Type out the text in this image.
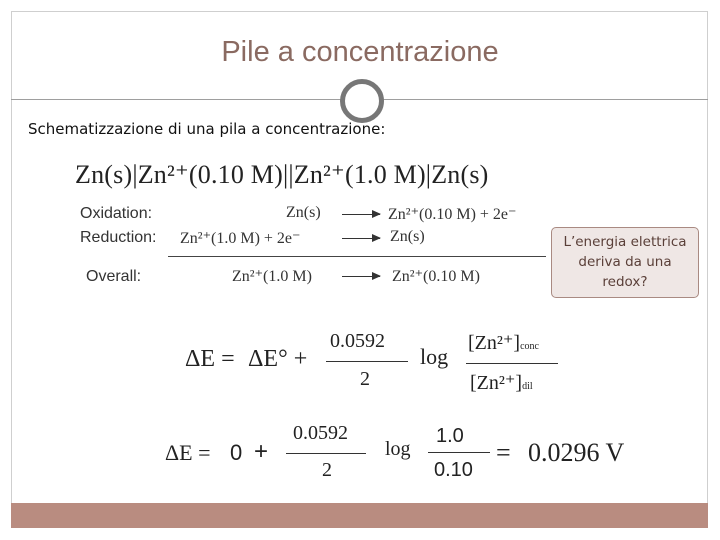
Pile a concentrazione
Schematizzazione di una pila a concentrazione:
Zn(s)|Zn²⁺(0.10 M)||Zn²⁺(1.0 M)|Zn(s)
Oxidation:	Zn(s)	Zn²⁺(0.10 M) + 2e⁻
Reduction: Zn²⁺(1.0 M) + 2e⁻	Zn(s)
Overall:	Zn²⁺(1.0 M)	Zn²⁺(0.10 M)
L’energia elettrica
deriva da una
redox?
ΔE = ΔE° +
0.0592
2
log
[Zn²⁺]conc
[Zn²⁺]dil
ΔE = 0 +
0.0592
2
log
1.0
0.10
= 0.0296 V
